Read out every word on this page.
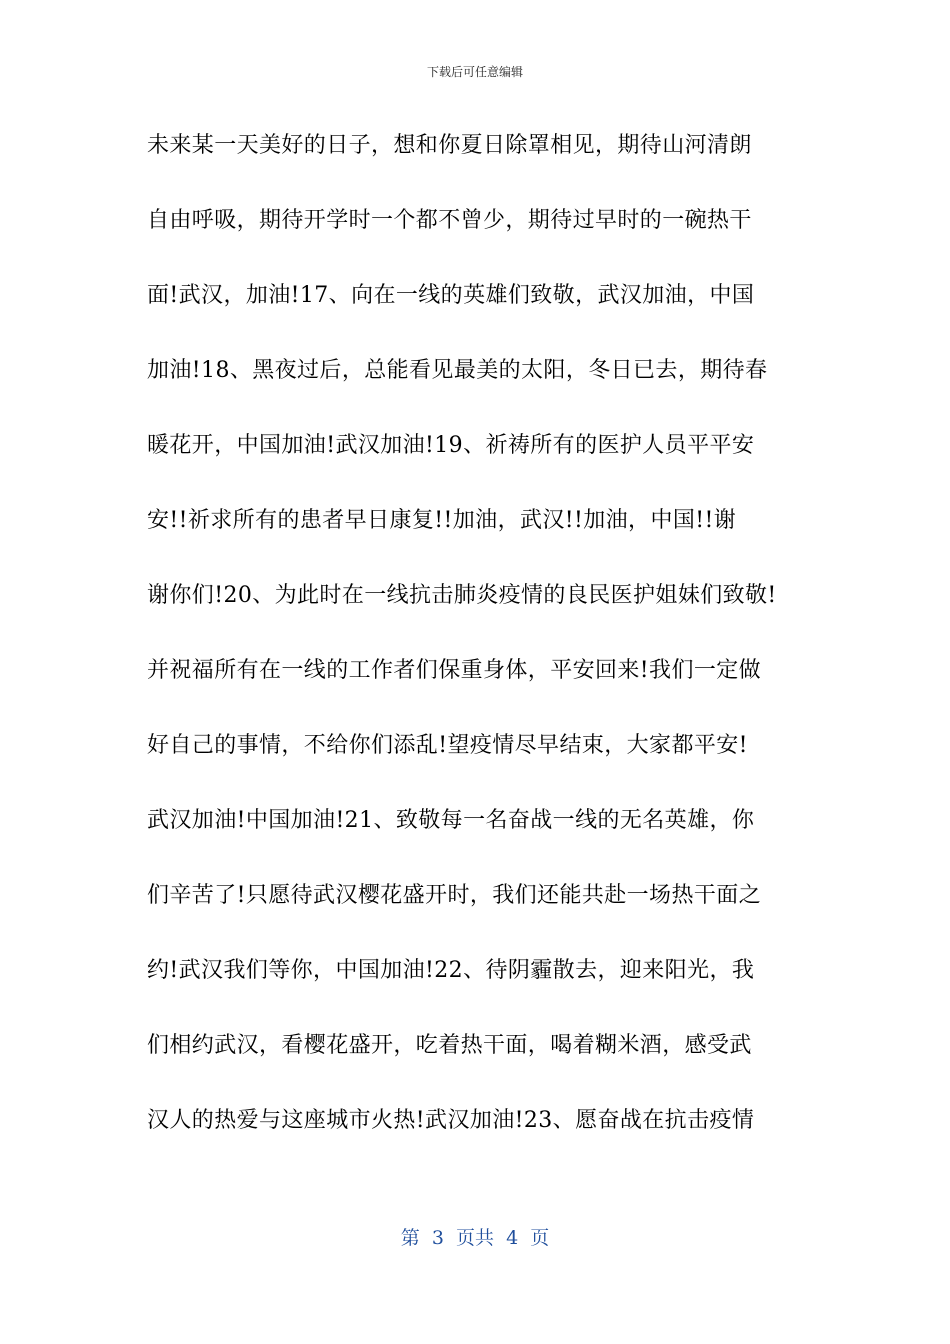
下载后可任意编辑
未来某一天美好的日子，想和你夏日除罩相见，期待山河清朗
自由呼吸，期待开学时一个都不曾少，期待过早时的一碗热干
面!武汉，加油!17、向在一线的英雄们致敬，武汉加油，中国
加油!18、黑夜过后，总能看见最美的太阳，冬日已去，期待春
暖花开，中国加油!武汉加油!19、祈祷所有的医护人员平平安
安!!祈求所有的患者早日康复!!加油，武汉!!加油，中国!!谢
谢你们!20、为此时在一线抗击肺炎疫情的良民医护姐妹们致敬!
并祝福所有在一线的工作者们保重身体，平安回来!我们一定做
好自己的事情，不给你们添乱!望疫情尽早结束，大家都平安!
武汉加油!中国加油!21、致敬每一名奋战一线的无名英雄，你
们辛苦了!只愿待武汉樱花盛开时，我们还能共赴一场热干面之
约!武汉我们等你，中国加油!22、待阴霾散去，迎来阳光，我
们相约武汉，看樱花盛开，吃着热干面，喝着糊米酒，感受武
汉人的热爱与这座城市火热!武汉加油!23、愿奋战在抗击疫情
第  3  页共  4  页
